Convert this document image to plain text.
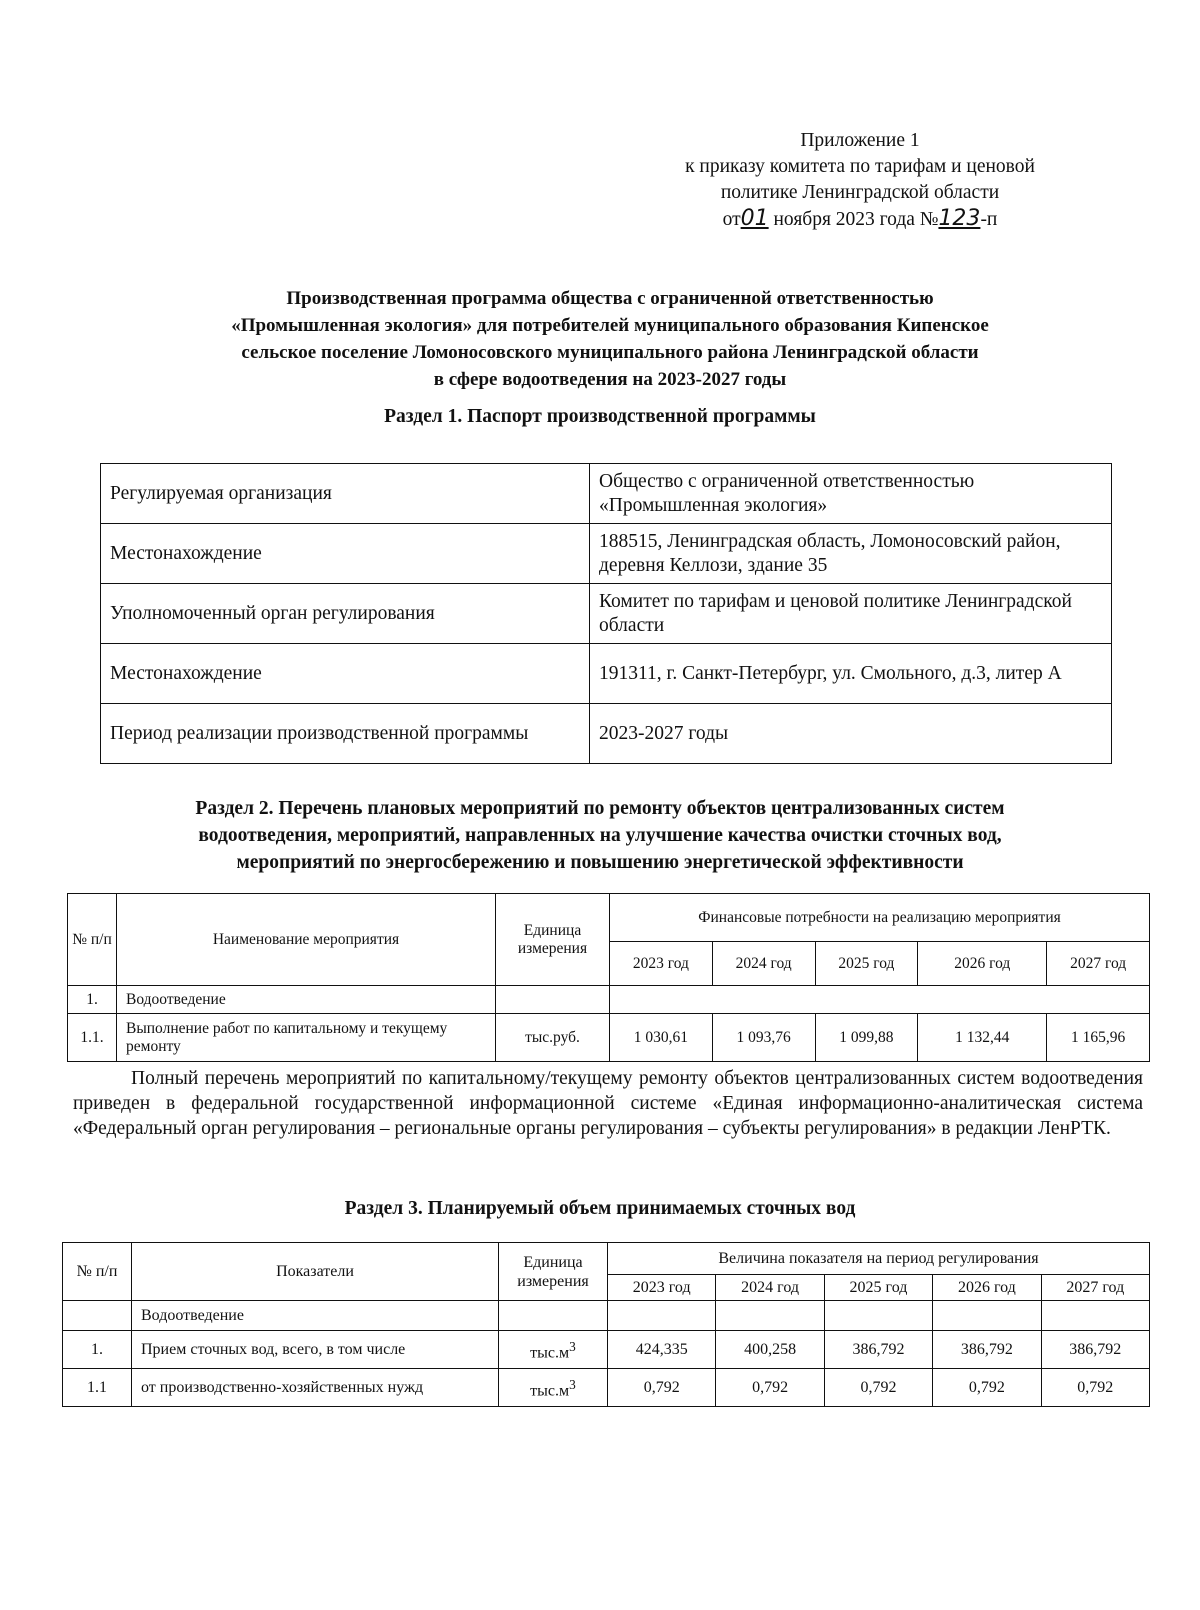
Приложение 1
к приказу комитета по тарифам и ценовой
политике Ленинградской области
от01 ноября 2023 года №123-п
Производственная программа общества с ограниченной ответственностью
«Промышленная экология» для потребителей муниципального образования Кипенское
сельское поселение Ломоносовского муниципального района Ленинградской области
в сфере водоотведения на 2023-2027 годы
Раздел 1. Паспорт производственной программы
Регулируемая организация	Общество с ограниченной ответственностью «Промышленная экология»
Местонахождение	188515, Ленинградская область, Ломоносовский район, деревня Келлози, здание 35
Уполномоченный орган регулирования	Комитет по тарифам и ценовой политике Ленинградской области
Местонахождение	191311, г. Санкт-Петербург, ул. Смольного, д.3, литер А
Период реализации производственной программы	2023-2027 годы
Раздел 2. Перечень плановых мероприятий по ремонту объектов централизованных систем
водоотведения, мероприятий, направленных на улучшение качества очистки сточных вод,
мероприятий по энергосбережению и повышению энергетической эффективности
№ п/п	Наименование мероприятия	Единица измерения	Финансовые потребности на реализацию мероприятия				
			2023 год	2024 год	2025 год	2026 год	2027 год
1.	Водоотведение						
1.1.	Выполнение работ по капитальному и текущему ремонту	тыс.руб.	1 030,61	1 093,76	1 099,88	1 132,44	1 165,96
Полный перечень мероприятий по капитальному/текущему ремонту объектов централизованных систем водоотведения приведен в федеральной государственной информационной системе «Единая информационно-аналитическая система «Федеральный орган регулирования – региональные органы регулирования – субъекты регулирования» в редакции ЛенРТК.
Раздел 3. Планируемый объем принимаемых сточных вод
№ п/п	Показатели	Единица измерения	Величина показателя на период регулирования				
			2023 год	2024 год	2025 год	2026 год	2027 год
	Водоотведение						
1.	Прием сточных вод, всего, в том числе	$тыс.м^3$	424,335	400,258	386,792	386,792	386,792
1.1	от производственно-хозяйственных нужд	$тыс.м^3$	0,792	0,792	0,792	0,792	0,792
